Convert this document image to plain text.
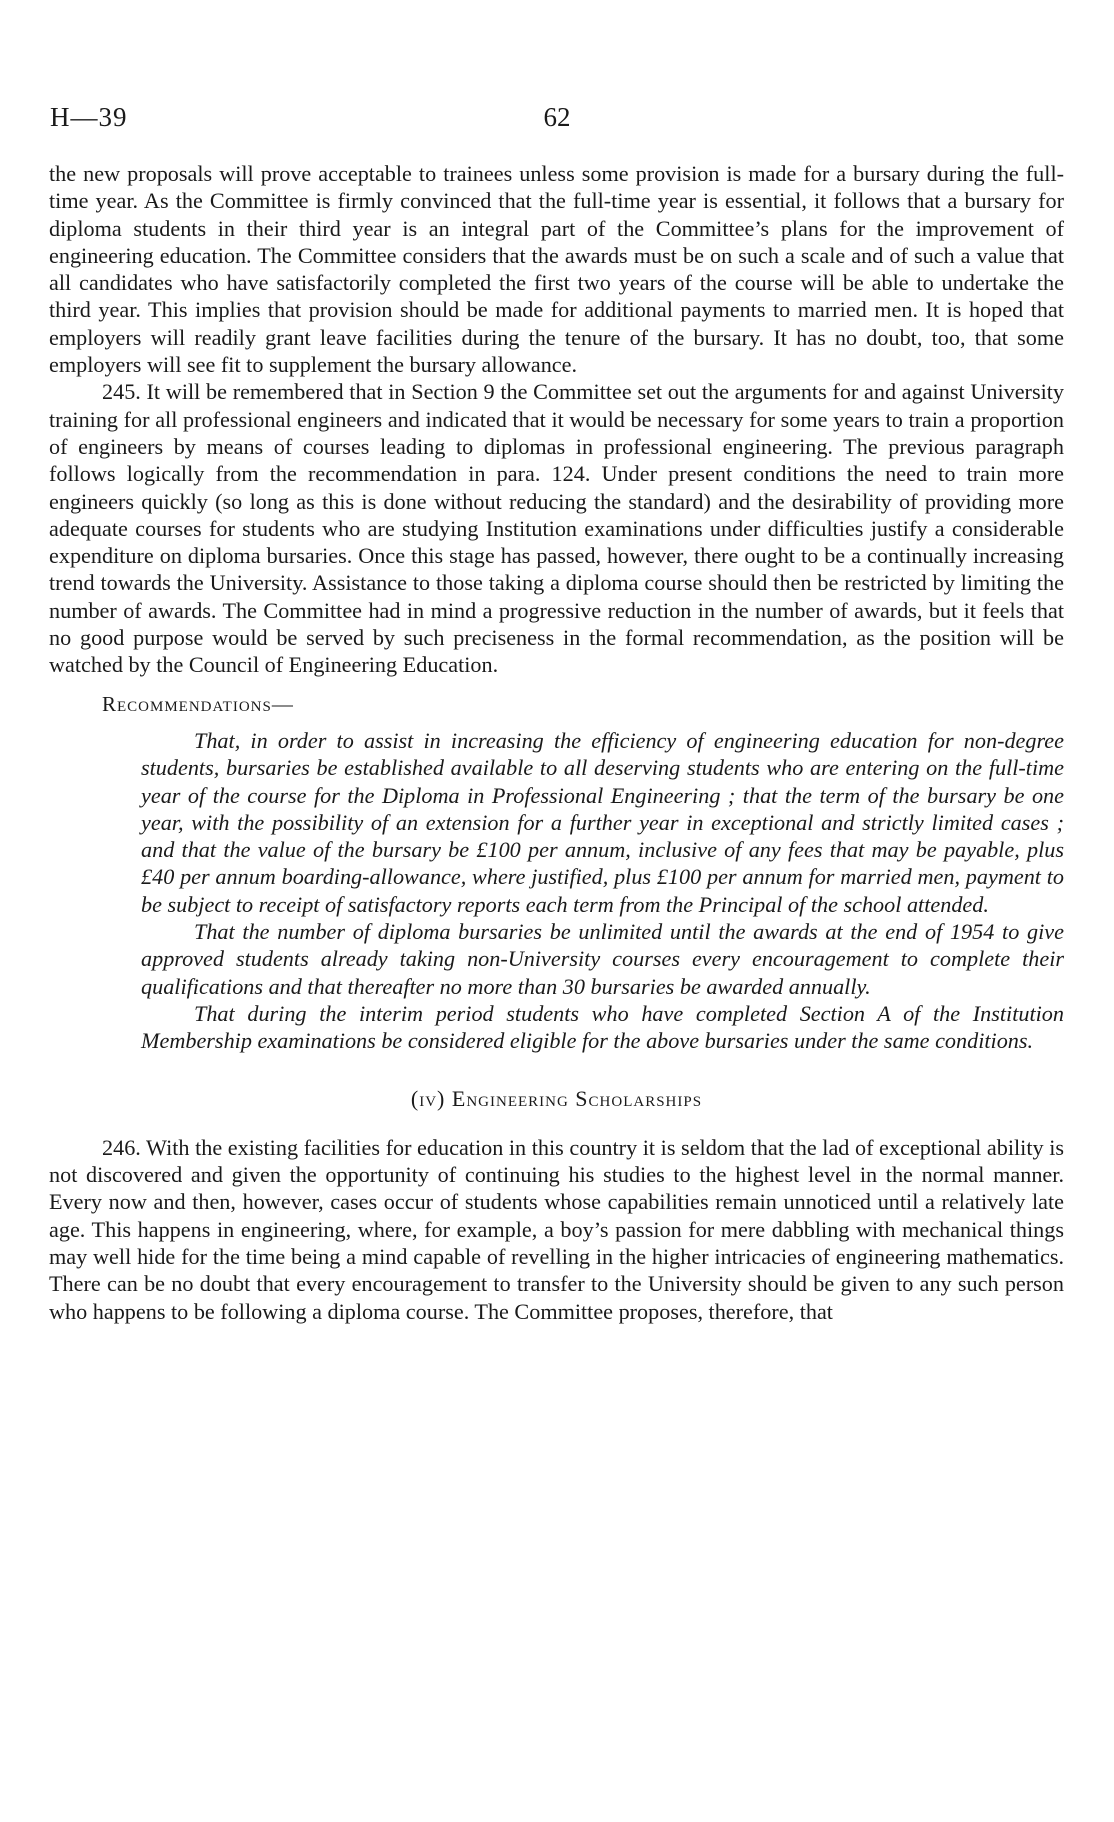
H—39	62

the new proposals will prove acceptable to trainees unless some provision is made for a bursary during the full-time year. As the Committee is firmly convinced that the full-time year is essential, it follows that a bursary for diploma students in their third year is an integral part of the Committee’s plans for the improvement of engineering education. The Committee considers that the awards must be on such a scale and of such a value that all candidates who have satisfactorily completed the first two years of the course will be able to undertake the third year. This implies that provision should be made for additional payments to married men. It is hoped that employers will readily grant leave facilities during the tenure of the bursary. It has no doubt, too, that some employers will see fit to supplement the bursary allowance.

245. It will be remembered that in Section 9 the Committee set out the arguments for and against University training for all professional engineers and indicated that it would be necessary for some years to train a proportion of engineers by means of courses leading to diplomas in professional engineering. The previous paragraph follows logically from the recommendation in para. 124. Under present conditions the need to train more engineers quickly (so long as this is done without reducing the standard) and the desirability of providing more adequate courses for students who are studying Institution examinations under difficulties justify a considerable expenditure on diploma bursaries. Once this stage has passed, however, there ought to be a continually increasing trend towards the University. Assistance to those taking a diploma course should then be restricted by limiting the number of awards. The Committee had in mind a progressive reduction in the number of awards, but it feels that no good purpose would be served by such preciseness in the formal recommendation, as the position will be watched by the Council of Engineering Education.

Recommendations—

That, in order to assist in increasing the efficiency of engineering education for non-degree students, bursaries be established available to all deserving students who are entering on the full-time year of the course for the Diploma in Professional Engineering ; that the term of the bursary be one year, with the possibility of an extension for a further year in exceptional and strictly limited cases ; and that the value of the bursary be £100 per annum, inclusive of any fees that may be payable, plus £40 per annum boarding-allowance, where justified, plus £100 per annum for married men, payment to be subject to receipt of satisfactory reports each term from the Principal of the school attended.

That the number of diploma bursaries be unlimited until the awards at the end of 1954 to give approved students already taking non-University courses every encouragement to complete their qualifications and that thereafter no more than 30 bursaries be awarded annually.

That during the interim period students who have completed Section A of the Institution Membership examinations be considered eligible for the above bursaries under the same conditions.

(iv) Engineering Scholarships

246. With the existing facilities for education in this country it is seldom that the lad of exceptional ability is not discovered and given the opportunity of continuing his studies to the highest level in the normal manner. Every now and then, however, cases occur of students whose capabilities remain unnoticed until a relatively late age. This happens in engineering, where, for example, a boy’s passion for mere dabbling with mechanical things may well hide for the time being a mind capable of revelling in the higher intricacies of engineering mathematics. There can be no doubt that every encouragement to transfer to the University should be given to any such person who happens to be following a diploma course. The Committee proposes, therefore, that
